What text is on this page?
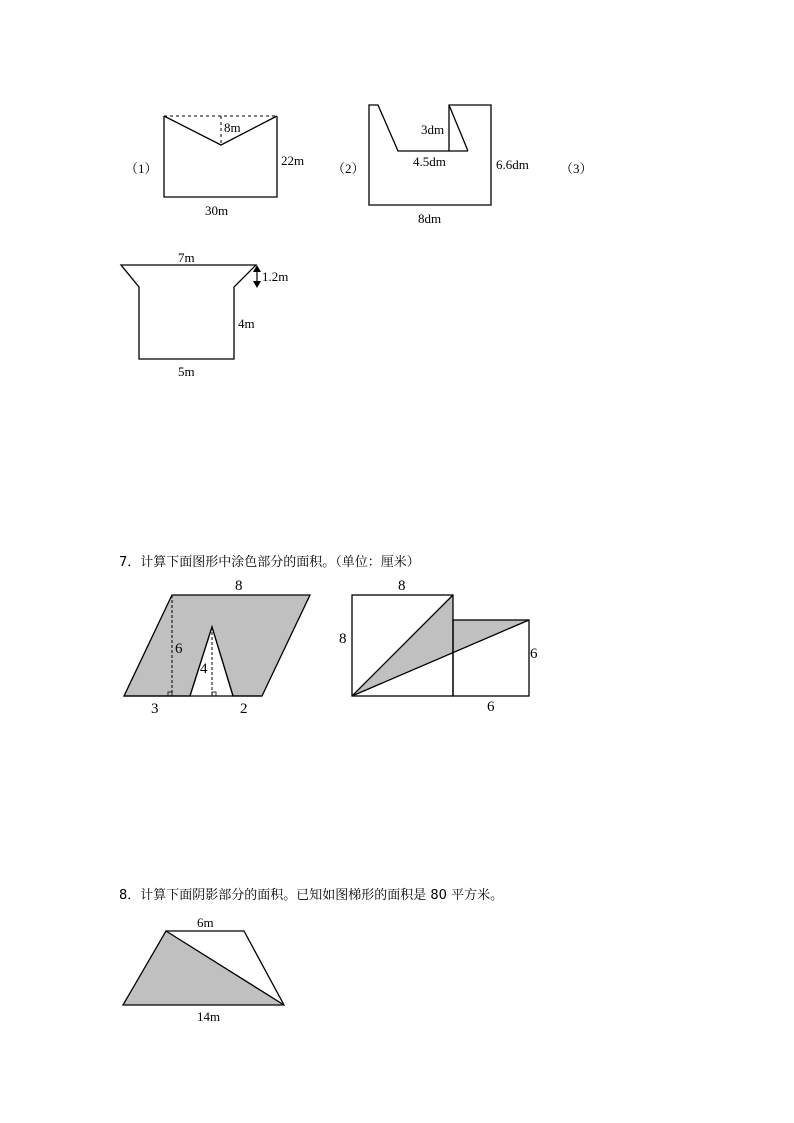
（1）
8m
22m
30m
（2）
3dm
4.5dm	6.6dm
8dm
（3）
7m
1.2m
4m
5m
8
6
4
3	2
8
8
6
6
6m
14m
7．计算下面图形中涂色部分的面积。（单位：厘米）
8．计算下面阴影部分的面积。已知如图梯形的面积是 80 平方米。
